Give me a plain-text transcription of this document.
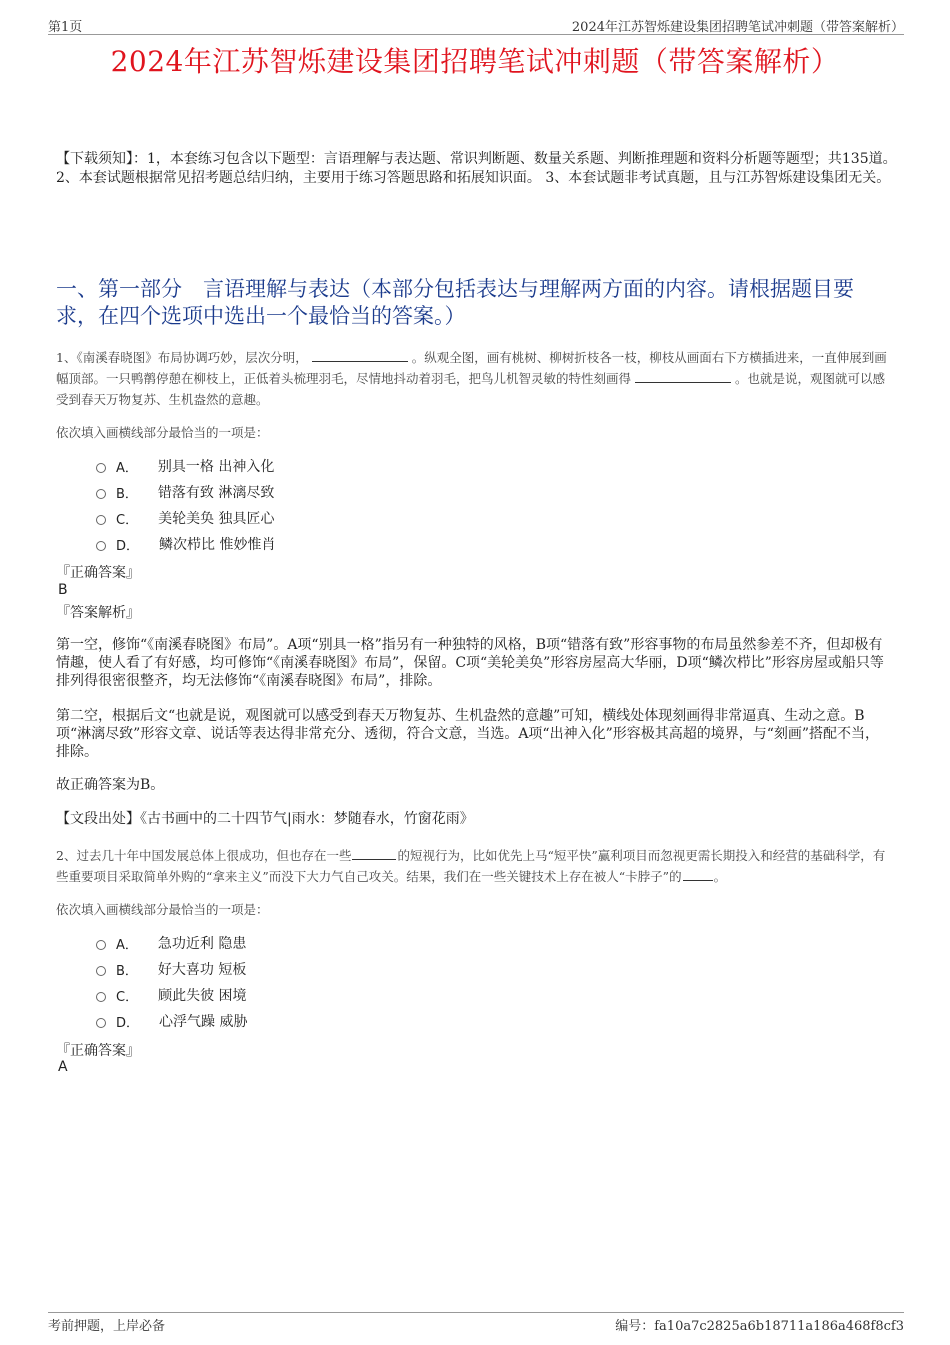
第1页	2024年江苏智烁建设集团招聘笔试冲刺题（带答案解析）
2024年江苏智烁建设集团招聘笔试冲刺题（带答案解析）
【下载须知】：1，本套练习包含以下题型：言语理解与表达题、常识判断题、数量关系题、判断推理题和资料分析题等题型；共135道。 2、本套试题根据常见招考题总结归纳，主要用于练习答题思路和拓展知识面。 3、本套试题非考试真题，且与江苏智烁建设集团无关。
一、第一部分　言语理解与表达（本部分包括表达与理解两方面的内容。请根据题目要求，在四个选项中选出一个最恰当的答案。）
1、《南溪春晓图》布局协调巧妙，层次分明，	。纵观全图，画有桃树、柳树折枝各一枝，柳枝从画面右下方横插进来，一直伸展到画幅顶部。一只鸭鹡停憩在柳枝上，正低着头梳理羽毛，尽情地抖动着羽毛，把鸟儿机智灵敏的特性刻画得	。也就是说，观图就可以感受到春天万物复苏、生机盎然的意趣。
依次填入画横线部分最恰当的一项是：
A． 别具一格 出神入化
B． 错落有致 淋漓尽致
C． 美轮美奂 独具匠心
D． 鳞次栉比 惟妙惟肖
『正确答案』
B
『答案解析』
第一空，修饰“《南溪春晓图》布局”。A项“别具一格”指另有一种独特的风格，B项“错落有致”形容事物的布局虽然参差不齐，但却极有情趣，使人看了有好感，均可修饰“《南溪春晓图》布局”，保留。C项“美轮美奂”形容房屋高大华丽，D项“鳞次栉比”形容房屋或船只等排列得很密很整齐，均无法修饰“《南溪春晓图》布局”，排除。
第二空，根据后文“也就是说，观图就可以感受到春天万物复苏、生机盎然的意趣”可知，横线处体现刻画得非常逼真、生动之意。B项“淋漓尽致”形容文章、说话等表达得非常充分、透彻，符合文意，当选。A项“出神入化”形容极其高超的境界，与“刻画”搭配不当，排除。
故正确答案为B。
【文段出处】《古书画中的二十四节气|雨水：梦随春水，竹窗花雨》
2、过去几十年中国发展总体上很成功，但也存在一些	的短视行为，比如优先上马“短平快”赢利项目而忽视更需长期投入和经营的基础科学，有些重要项目采取简单外购的“拿来主义”而没下大力气自己攻关。结果，我们在一些关键技术上存在被人“卡脖子”的	。
依次填入画横线部分最恰当的一项是：
A． 急功近利 隐患
B． 好大喜功 短板
C． 顾此失彼 困境
D． 心浮气躁 威胁
『正确答案』
A
考前押题，上岸必备	编号：fa10a7c2825a6b18711a186a468f8cf3
